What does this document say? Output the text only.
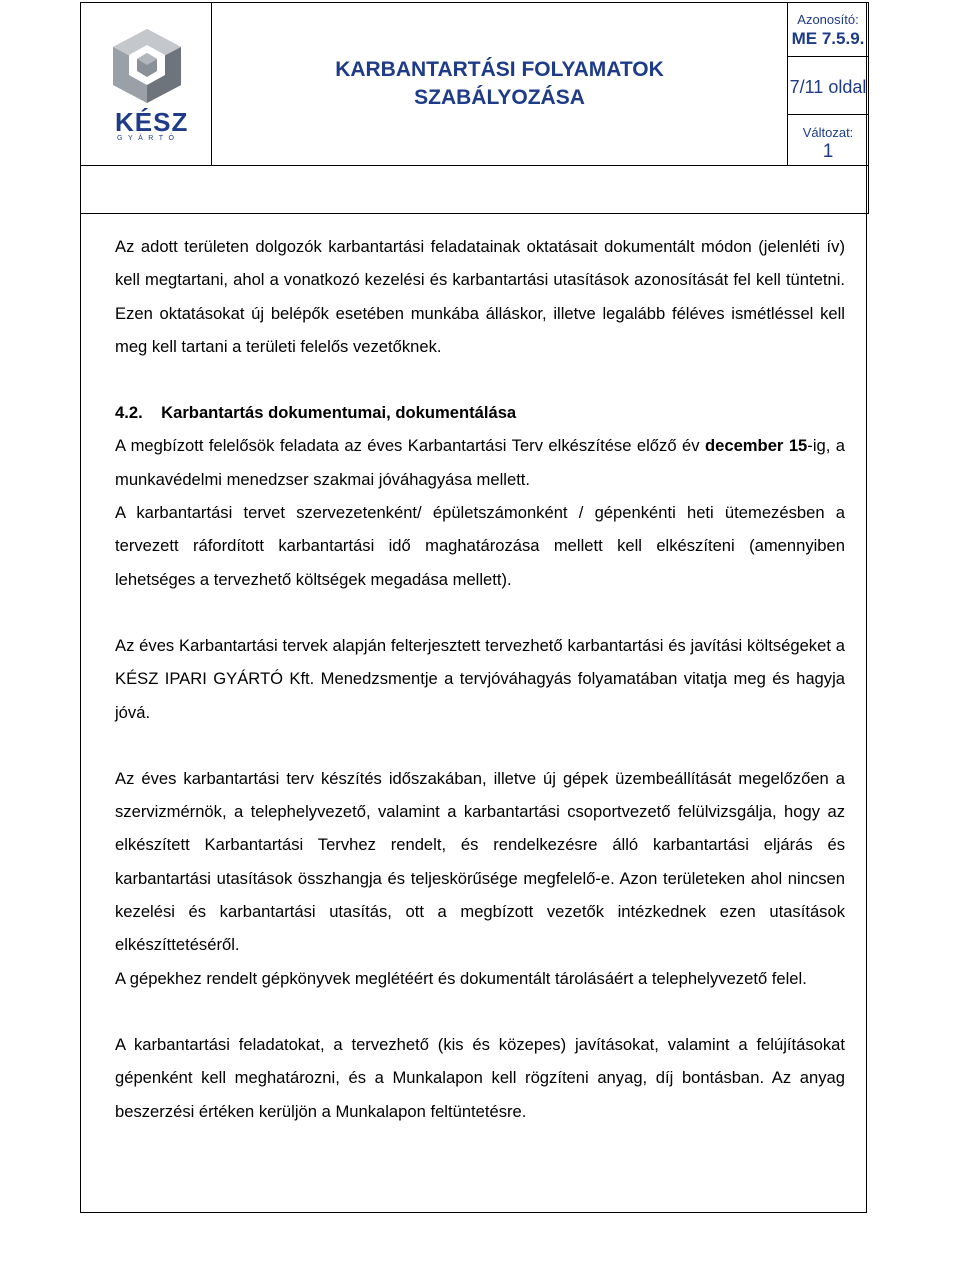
KÉSZ
GYÁRTÓ
KARBANTARTÁSI FOLYAMATOK
SZABÁLYOZÁSA
Azonosító:
ME 7.5.9.
7/11 oldal
Változat:
1

Az adott területen dolgozók karbantartási feladatainak oktatásait dokumentált módon (jelenléti ív) kell megtartani, ahol a vonatkozó kezelési és karbantartási utasítások azonosítását fel kell tüntetni. Ezen oktatásokat új belépők esetében munkába álláskor, illetve legalább féléves ismétléssel kell meg kell tartani a területi felelős vezetőknek.

4.2. Karbantartás dokumentumai, dokumentálása

A megbízott felelősök feladata az éves Karbantartási Terv elkészítése előző év december 15-ig, a munkavédelmi menedzser szakmai jóváhagyása mellett.

A karbantartási tervet szervezetenként/ épületszámonként / gépenkénti heti ütemezésben a tervezett ráfordított karbantartási idő maghatározása mellett kell elkészíteni (amennyiben lehetséges a tervezhető költségek megadása mellett).

Az éves Karbantartási tervek alapján felterjesztett tervezhető karbantartási és javítási költségeket a KÉSZ IPARI GYÁRTÓ Kft. Menedzsmentje a tervjóváhagyás folyamatában vitatja meg és hagyja jóvá.

Az éves karbantartási terv készítés időszakában, illetve új gépek üzembeállítását megelőzően a szervizmérnök, a telephelyvezető, valamint a karbantartási csoportvezető felülvizsgálja, hogy az elkészített Karbantartási Tervhez rendelt, és rendelkezésre álló karbantartási eljárás és karbantartási utasítások összhangja és teljeskörűsége megfelelő-e. Azon területeken ahol nincsen kezelési és karbantartási utasítás, ott a megbízott vezetők intézkednek ezen utasítások elkészíttetéséről.

A gépekhez rendelt gépkönyvek meglétéért és dokumentált tárolásáért a telephelyvezető felel.

A karbantartási feladatokat, a tervezhető (kis és közepes) javításokat, valamint a felújításokat gépenként kell meghatározni, és a Munkalapon kell rögzíteni anyag, díj bontásban. Az anyag beszerzési értéken kerüljön a Munkalapon feltüntetésre.
